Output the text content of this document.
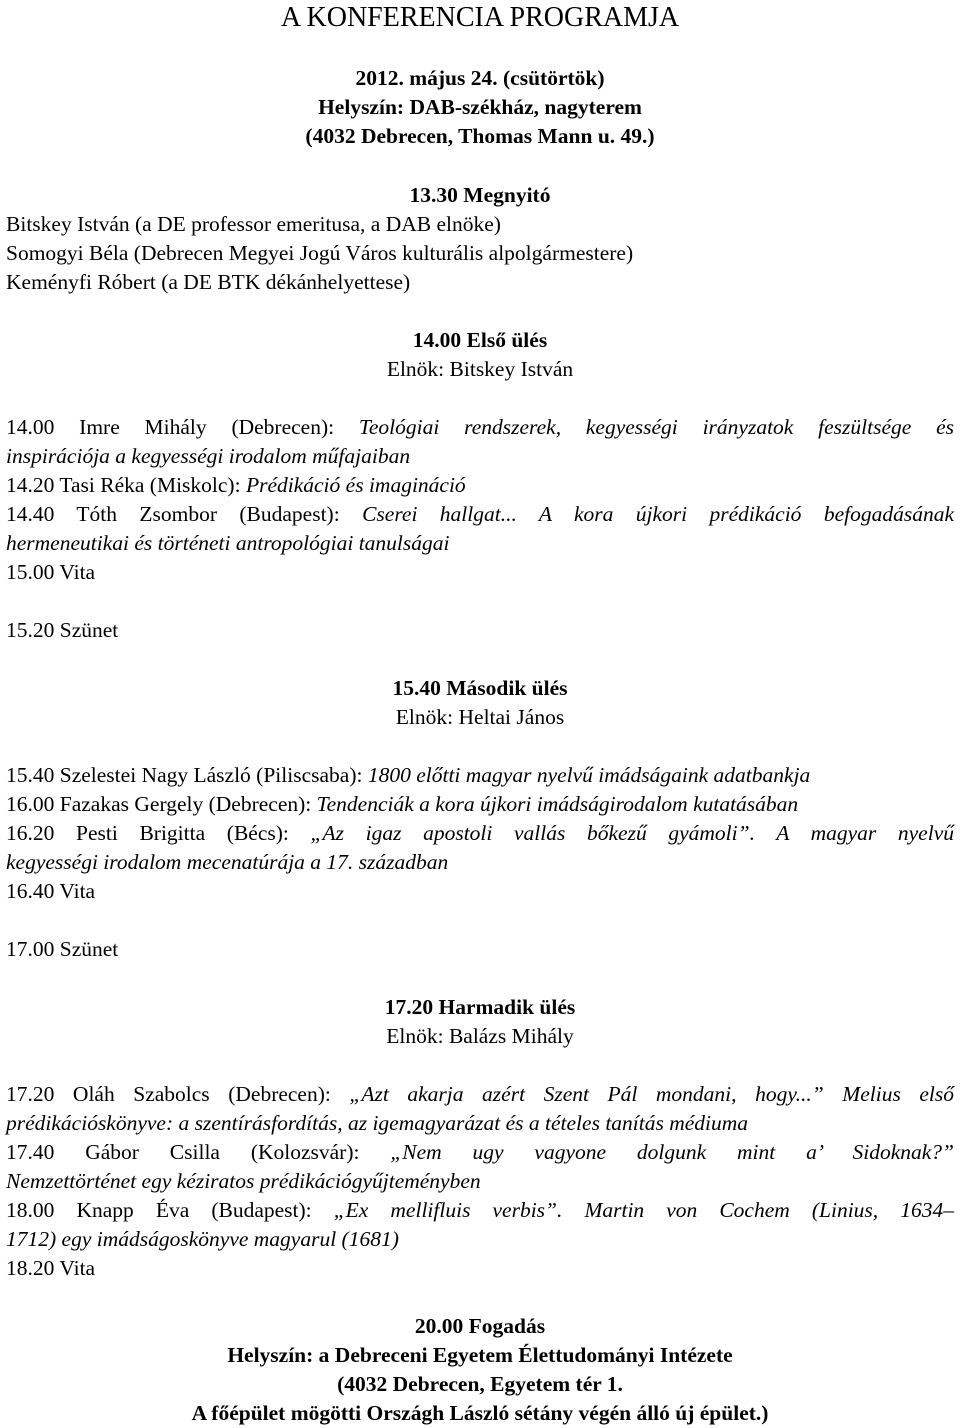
A KONFERENCIA PROGRAMJA
2012. május 24. (csütörtök)
Helyszín: DAB-székház, nagyterem
(4032 Debrecen, Thomas Mann u. 49.)
13.30 Megnyitó
Bitskey István (a DE professor emeritusa, a DAB elnöke)
Somogyi Béla (Debrecen Megyei Jogú Város kulturális alpolgármestere)
Keményfi Róbert (a DE BTK dékánhelyettese)
14.00 Első ülés
Elnök: Bitskey István
14.00 Imre Mihály (Debrecen): Teológiai rendszerek, kegyességi irányzatok feszültsége és
inspirációja a kegyességi irodalom műfajaiban
14.20 Tasi Réka (Miskolc): Prédikáció és imagináció
14.40 Tóth Zsombor (Budapest): Cserei hallgat... A kora újkori prédikáció befogadásának
hermeneutikai és történeti antropológiai tanulságai
15.00 Vita
15.20 Szünet
15.40 Második ülés
Elnök: Heltai János
15.40 Szelestei Nagy László (Piliscsaba): 1800 előtti magyar nyelvű imádságaink adatbankja
16.00 Fazakas Gergely (Debrecen): Tendenciák a kora újkori imádságirodalom kutatásában
16.20 Pesti Brigitta (Bécs): „Az igaz apostoli vallás bőkezű gyámoli”. A magyar nyelvű
kegyességi irodalom mecenatúrája a 17. században
16.40 Vita
17.00 Szünet
17.20 Harmadik ülés
Elnök: Balázs Mihály
17.20 Oláh Szabolcs (Debrecen): „Azt akarja azért Szent Pál mondani, hogy...” Melius első
prédikációskönyve: a szentírásfordítás, az igemagyarázat és a tételes tanítás médiuma
17.40 Gábor Csilla (Kolozsvár): „Nem ugy vagyone dolgunk mint a’ Sidoknak?”
Nemzettörténet egy kéziratos prédikációgyűjteményben
18.00 Knapp Éva (Budapest): „Ex mellifluis verbis”. Martin von Cochem (Linius, 1634–
1712) egy imádságoskönyve magyarul (1681)
18.20 Vita
20.00 Fogadás
Helyszín: a Debreceni Egyetem Élettudományi Intézete
(4032 Debrecen, Egyetem tér 1.
A főépület mögötti Országh László sétány végén álló új épület.)
